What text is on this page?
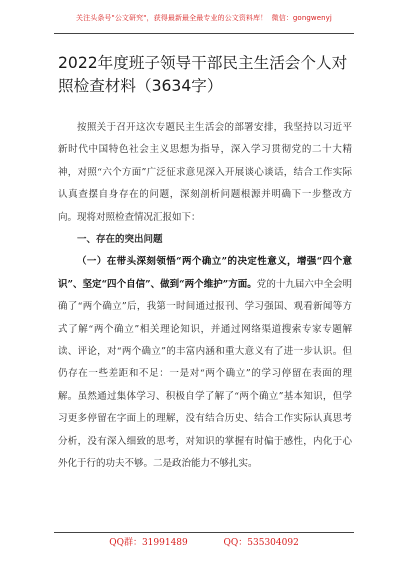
关注头条号"公文研究"，获得最新最全最专业的公文资料库！ 微信：gongwenyj
2022年度班子领导干部民主生活会个人对照检查材料（3634字）

按照关于召开这次专题民主生活会的部署安排，我坚持以习近平新时代中国特色社会主义思想为指导，深入学习贯彻党的二十大精神，对照“六个方面”广泛征求意见深入开展谈心谈话，结合工作实际认真查摆自身存在的问题，深刻剖析问题根源并明确下一步整改方向。现将对照检查情况汇报如下：

一、存在的突出问题

（一）在带头深刻领悟“两个确立”的决定性意义，增强“四个意识”、坚定“四个自信”、做到“两个维护”方面。党的十九届六中全会明确了“两个确立”后，我第一时间通过报刊、学习强国、观看新闻等方式了解“两个确立”相关理论知识，并通过网络渠道搜索专家专题解读、评论，对“两个确立”的丰富内涵和重大意义有了进一步认识。但仍存在一些差距和不足：一是对“两个确立”的学习停留在表面的理解。虽然通过集体学习、积极自学了解了“两个确立”基本知识，但学习更多停留在字面上的理解，没有结合历史、结合工作实际认真思考分析，没有深入细致的思考，对知识的掌握有时偏于感性，内化于心外化于行的功夫不够。二是政治能力不够扎实。

QQ群：31991489	QQ：535304092
